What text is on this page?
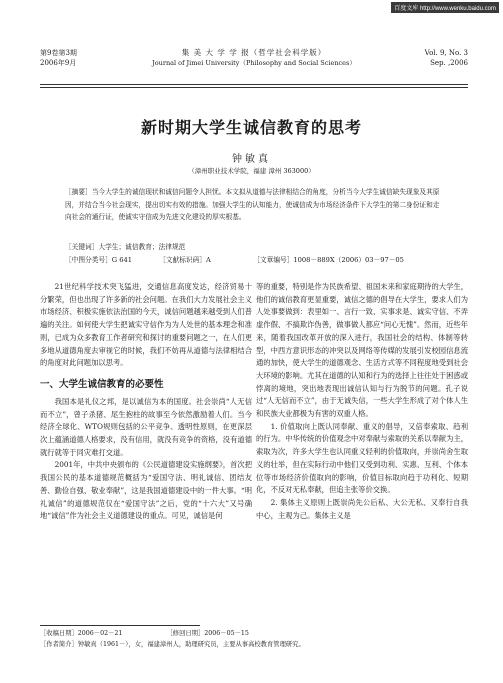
百度文库 http://www.wenku.baidu.com
第9卷第3期
2006年9月
集 美 大 学 学 报（哲学社会科学版）
Journal of Jimei University（Philosophy and Social Sciences）
Vol. 9, No. 3
Sep. ,2006
新时期大学生诚信教育的思考
钟敏真
（漳州职业技术学院，福建 漳州 363000）
［摘要］当今大学生的诚信现状和诚信问题令人担忧。本文拟从道德与法律相结合的角度，分析当今大学生诚信缺失现象及其原因，并结合当今社会现实，提出切实有效的措施。加强大学生的认知能力，使诚信成为市场经济条件下大学生的第二身份证和走向社会的通行证，使诚实守信成为先进文化建设的厚实根基。
［关键词］大学生；诚信教育；法律规范
［中图分类号］G 641	［文献标识码］A	［文章编号］1008－889X（2006）03－97－05

21世纪科学技术突飞猛进，交通信息高度发达，经济贸易十分繁荣，但也出现了许多新的社会问题。在我们大力发展社会主义市场经济、积极实施依法治国的今天，诚信问题越来越受到人们普遍的关注。如何使大学生把诚实守信作为为人处世的基本理念和准则，已成为众多教育工作者研究和探讨的重要问题之一，在人们更多地从道德角度去审视它的时候，我们不妨再从道德与法律相结合的角度对此问题加以思考。

一、大学生诚信教育的必要性

我国本是礼仪之邦，是以诚信为本的国度。社会崇尚“人无信而不立”，曾子杀猪、尾生抱柱的故事至今依然激励着人们。当今经济全球化、WTO规则包括的公平竞争、透明性原则，在更深层次上蕴涵道德人格要求，没有信用，就没有竞争的资格，没有道德就行就等于同灾难打交道。

2001年，中共中央颁布的《公民道德建设实施纲要》，首次把我国公民的基本道德规范概括为“爱国守法、明礼诚信、团结友善、勤俭自强、敬业奉献”，这是我国道德建设中的一件大事。“明礼诚信”的道德规范仅在“爱国守法”之后，党的“十六大”又号确地“诚信”作为社会主义道德建设的重点。可见，诚信是何

等的重要，特别是作为民族希望、祖国未来和家庭期待的大学生，他们的诚信教育更显重要，诚信之德的倡导在大学生，要求人们为人处事要做到：表里如一、言行一致、实事求是、诚实守信、不弄虚作假、不搞欺诈伪善，做事做人都应“问心无愧”。然而，近些年来，随着我国改革开放的深入进行，我国社会的结构、体制等转型，中西方意识形态的冲突以及网络等传媒的发展引发校园信息流通的加快，使大学生的道德观念、生活方式等不同程度地受到社会大环境的影响。尤其在道德的认知和行为的选择上往往处于困惑或悖离的境地，突出地表现出诚信认知与行为脱节的问题。孔子说过“人无信而不立”，由于无诚失信，一些大学生形成了对个体人生和民族大业都极为有害的双重人格。

1. 价值取向上既认同奉献、重义的倡导，又倍奉索取、趋利的行为。中华传统的价值观念中对奉献与索取的关系以奉献为主，索取为次，许多大学生也认同重义轻利的价值取向，并崇尚舍生取义的壮举，但在实际行动中他们又受到功利、实惠、互利、个体本位等市场经济价值取向的影响，价值目标取向趋于功利化、短期化，不反对无私奉献，但追主张等价交换。

2. 集体主义原则上既崇尚先公后私、大公无私、又奉行自我中心，主观为己。集体主义是

［收稿日期］2006－02－21	［修回日期］2006－05－15
［作者简介］钟敏真（1961－），女，福建漳州人，助理研究员，主要从事高校教育管理研究。
